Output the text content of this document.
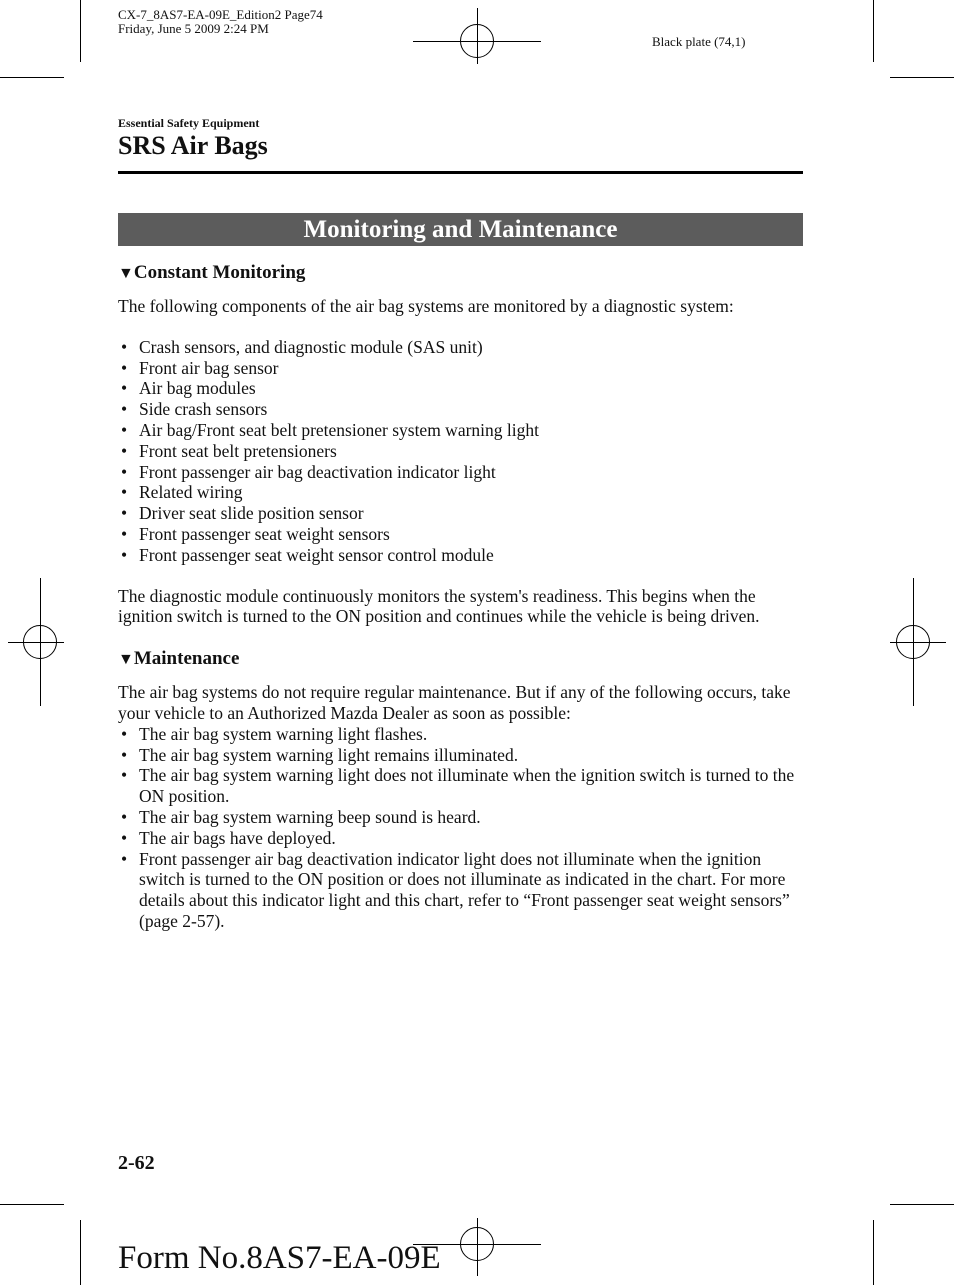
CX-7_8AS7-EA-09E_Edition2 Page74
Friday, June 5 2009 2:24 PM
Black plate (74,1)
Essential Safety Equipment
SRS Air Bags
Monitoring and Maintenance
▼Constant Monitoring

The following components of the air bag systems are monitored by a diagnostic system:

• Crash sensors, and diagnostic module (SAS unit)
• Front air bag sensor
• Air bag modules
• Side crash sensors
• Air bag/Front seat belt pretensioner system warning light
• Front seat belt pretensioners
• Front passenger air bag deactivation indicator light
• Related wiring
• Driver seat slide position sensor
• Front passenger seat weight sensors
• Front passenger seat weight sensor control module

The diagnostic module continuously monitors the system's readiness. This begins when the ignition switch is turned to the ON position and continues while the vehicle is being driven.

▼Maintenance

The air bag systems do not require regular maintenance. But if any of the following occurs, take your vehicle to an Authorized Mazda Dealer as soon as possible:

• The air bag system warning light flashes.
• The air bag system warning light remains illuminated.
• The air bag system warning light does not illuminate when the ignition switch is turned to the ON position.
• The air bag system warning beep sound is heard.
• The air bags have deployed.
• Front passenger air bag deactivation indicator light does not illuminate when the ignition switch is turned to the ON position or does not illuminate as indicated in the chart. For more details about this indicator light and this chart, refer to “Front passenger seat weight sensors” (page 2-57).
2-62
Form No.8AS7-EA-09E
